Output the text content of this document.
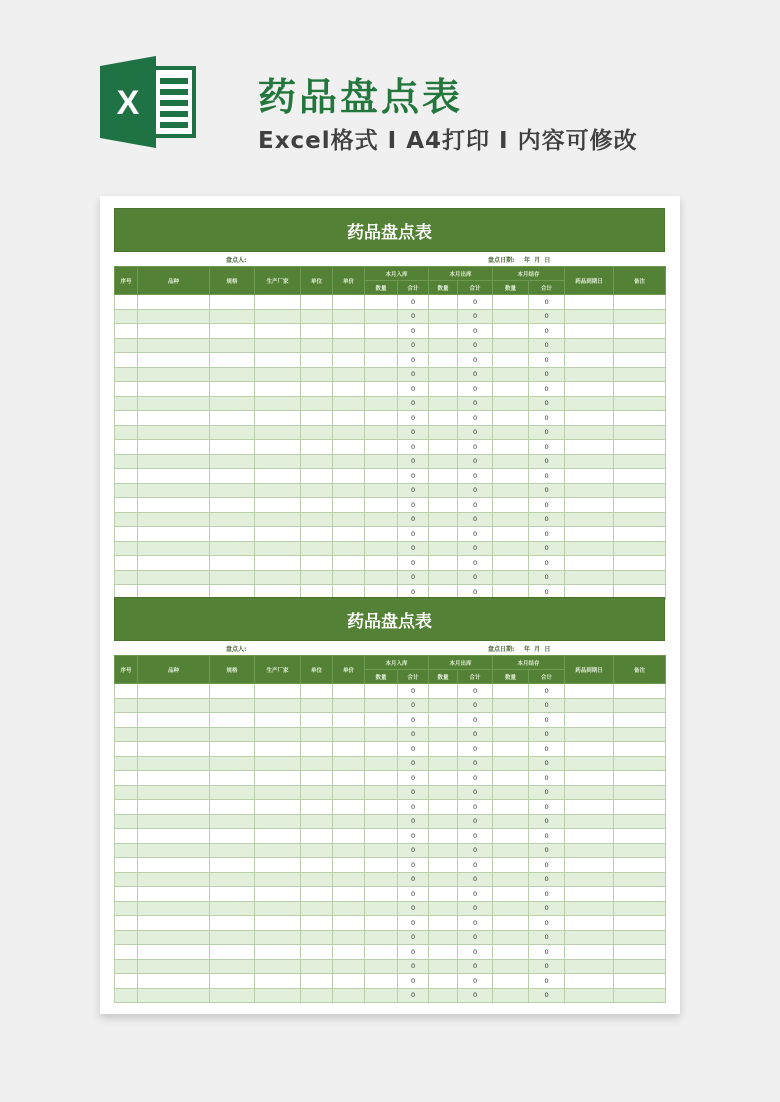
X	药品盘点表
Excel格式 I A4打印 I 内容可修改
药品盘点表
盘点人:	盘点日期: 年  月  日
序号	品种	规格	生产厂家	单位	单价	本月入库		本月出库		本月结存		药品到期日	备注
						数量	合计	数量	合计	数量	合计		
							0		0		0		
							0		0		0		
							0		0		0		
							0		0		0		
							0		0		0		
							0		0		0		
							0		0		0		
							0		0		0		
							0		0		0		
							0		0		0		
							0		0		0		
							0		0		0		
							0		0		0		
							0		0		0		
							0		0		0		
							0		0		0		
							0		0		0		
							0		0		0		
							0		0		0		
							0		0		0		
							0		0		0		
药品盘点表
盘点人:	盘点日期: 年  月  日
序号	品种	规格	生产厂家	单位	单价	本月入库		本月出库		本月结存		药品到期日	备注
						数量	合计	数量	合计	数量	合计		
							0		0		0		
							0		0		0		
							0		0		0		
							0		0		0		
							0		0		0		
							0		0		0		
							0		0		0		
							0		0		0		
							0		0		0		
							0		0		0		
							0		0		0		
							0		0		0		
							0		0		0		
							0		0		0		
							0		0		0		
							0		0		0		
							0		0		0		
							0		0		0		
							0		0		0		
							0		0		0		
							0		0		0		
							0		0		0		
